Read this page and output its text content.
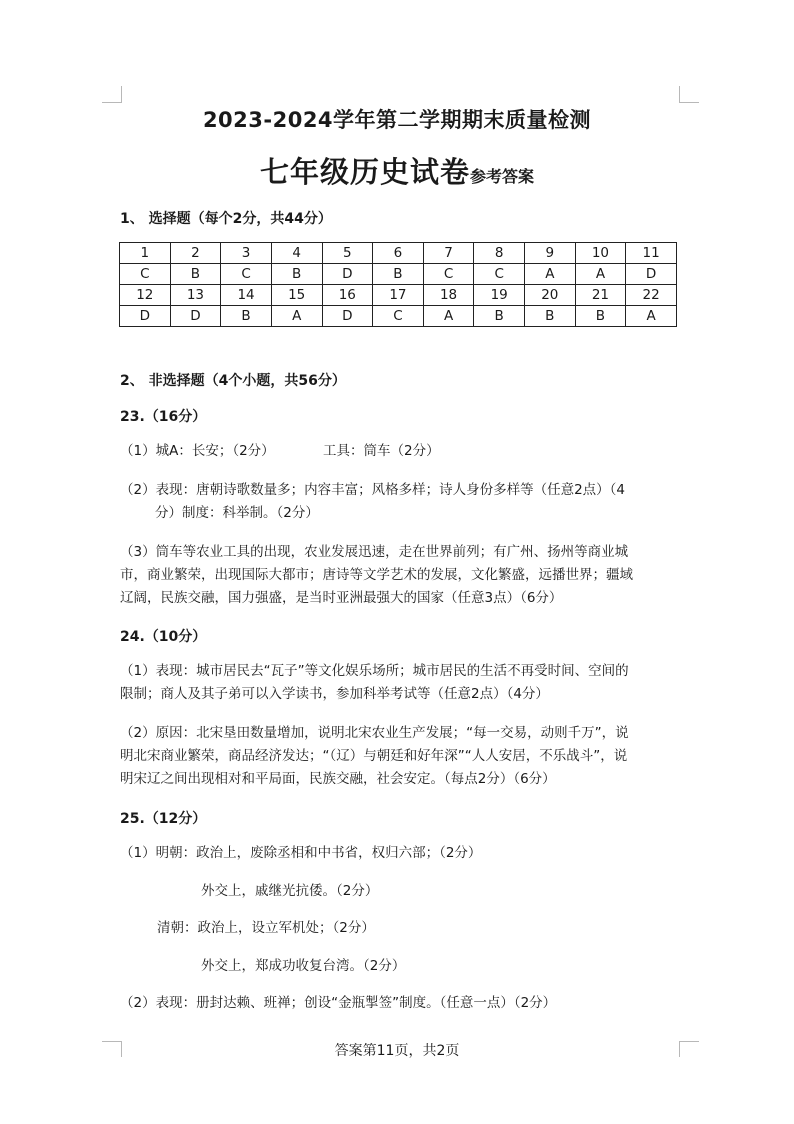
2023-2024学年第二学期期末质量检测
七年级历史试卷参考答案
1、 选择题（每个2分，共44分）
1	2	3	4	5	6	7	8	9	10	11
C	B	C	B	D	B	C	C	A	A	D
12	13	14	15	16	17	18	19	20	21	22
D	D	B	A	D	C	A	B	B	B	A
2、 非选择题（4个小题，共56分）
23.（16分）
（1）城A：长安；（2分）	工具：筒车（2分）
（2）表现：唐朝诗歌数量多；内容丰富；风格多样；诗人身份多样等（任意2点）（4
分）制度：科举制。（2分）
（3）筒车等农业工具的出现，农业发展迅速，走在世界前列；有广州、扬州等商业城
市，商业繁荣，出现国际大都市；唐诗等文学艺术的发展，文化繁盛，远播世界；疆域
辽阔，民族交融，国力强盛，是当时亚洲最强大的国家（任意3点）（6分）
24.（10分）
（1）表现：城市居民去“瓦子”等文化娱乐场所；城市居民的生活不再受时间、空间的
限制；商人及其子弟可以入学读书，参加科举考试等（任意2点）（4分）
（2）原因：北宋垦田数量增加，说明北宋农业生产发展；“每一交易，动则千万”，说
明北宋商业繁荣，商品经济发达；“（辽）与朝廷和好年深”“人人安居，不乐战斗”，说
明宋辽之间出现相对和平局面，民族交融，社会安定。（每点2分）（6分）
25.（12分）
（1）明朝：政治上，废除丞相和中书省，权归六部；（2分）
外交上，戚继光抗倭。（2分）
清朝：政治上，设立军机处；（2分）
外交上，郑成功收复台湾。（2分）
（2）表现：册封达赖、班禅；创设“金瓶掣签”制度。（任意一点）（2分）
答案第11页，共2页
